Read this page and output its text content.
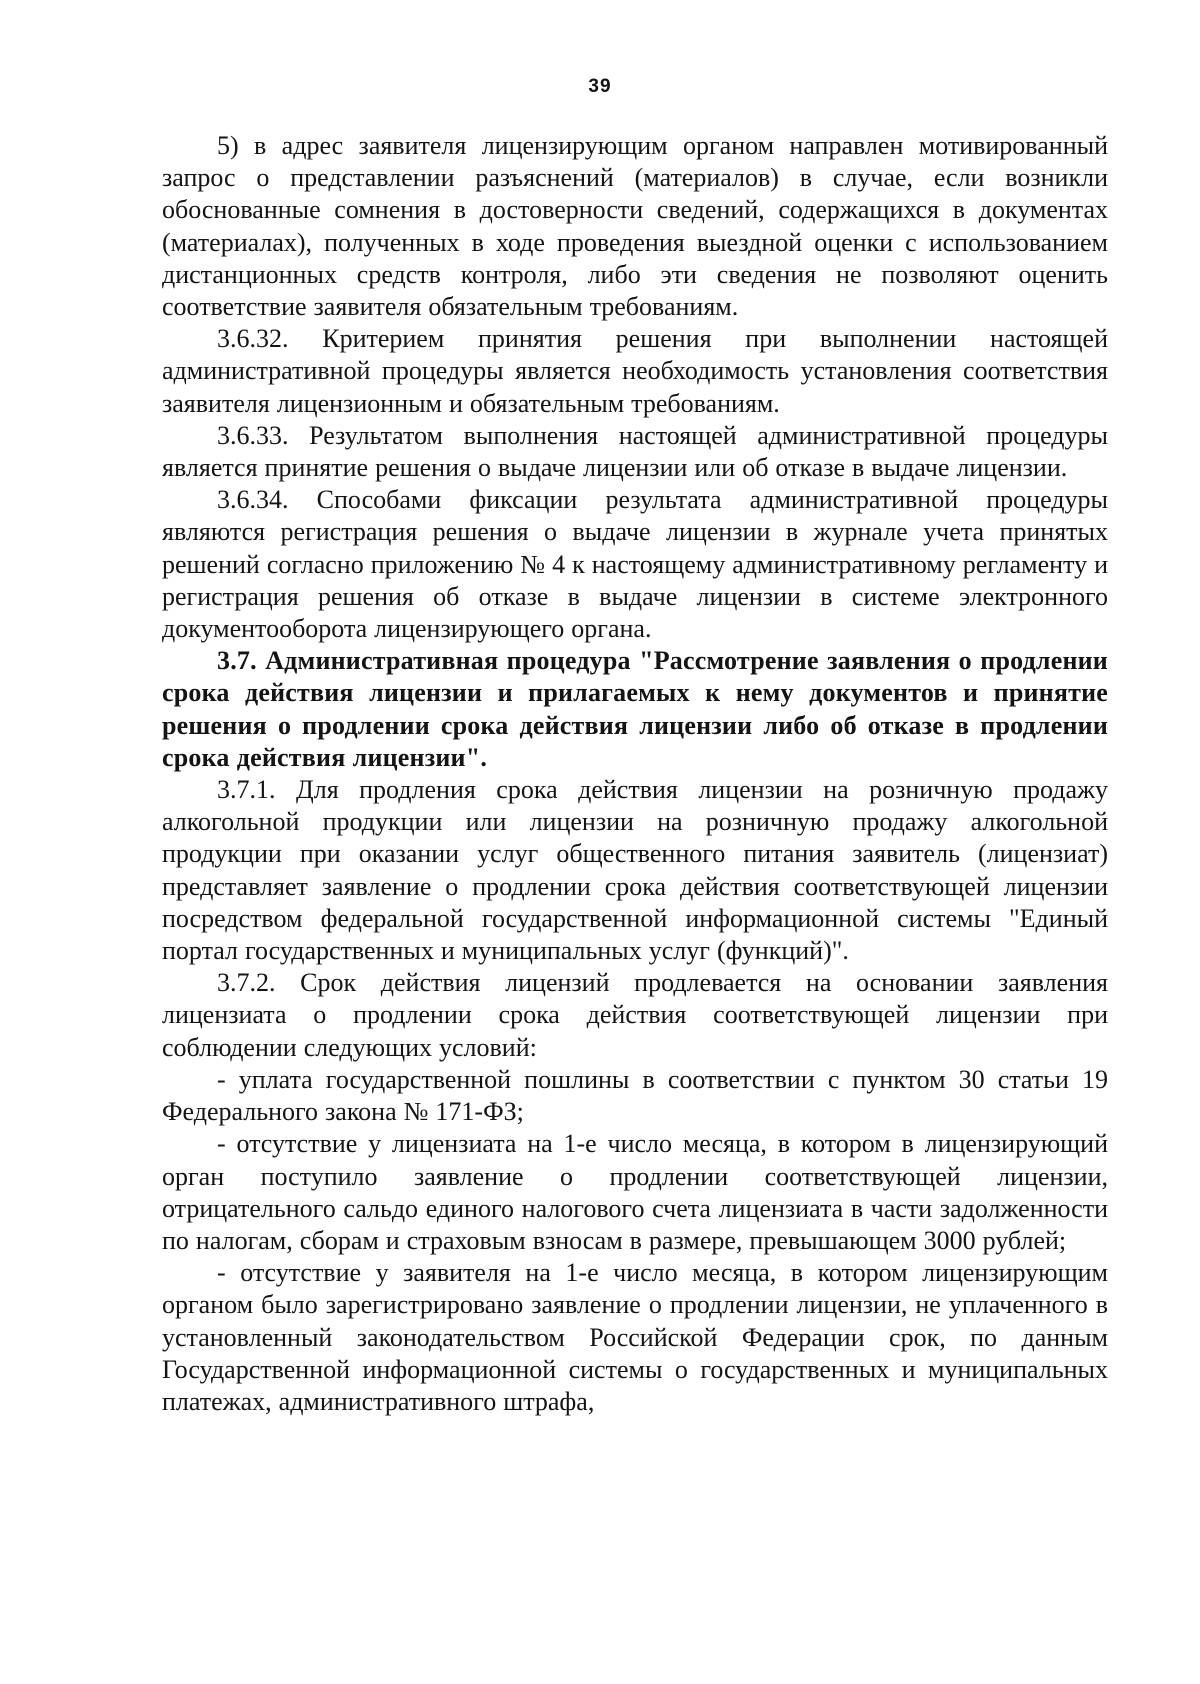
39

5) в адрес заявителя лицензирующим органом направлен мотивированный запрос о представлении разъяснений (материалов) в случае, если возникли обоснованные сомнения в достоверности сведений, содержащихся в документах (материалах), полученных в ходе проведения выездной оценки с использованием дистанционных средств контроля, либо эти сведения не позволяют оценить соответствие заявителя обязательным требованиям.

3.6.32. Критерием принятия решения при выполнении настоящей административной процедуры является необходимость установления соответствия заявителя лицензионным и обязательным требованиям.

3.6.33. Результатом выполнения настоящей административной процедуры является принятие решения о выдаче лицензии или об отказе в выдаче лицензии.

3.6.34. Способами фиксации результата административной процедуры являются регистрация решения о выдаче лицензии в журнале учета принятых решений согласно приложению № 4 к настоящему административному регламенту и регистрация решения об отказе в выдаче лицензии в системе электронного документооборота лицензирующего органа.

3.7. Административная процедура "Рассмотрение заявления о продлении срока действия лицензии и прилагаемых к нему документов и принятие решения о продлении срока действия лицензии либо об отказе в продлении срока действия лицензии".

3.7.1. Для продления срока действия лицензии на розничную продажу алкогольной продукции или лицензии на розничную продажу алкогольной продукции при оказании услуг общественного питания заявитель (лицензиат) представляет заявление о продлении срока действия соответствующей лицензии посредством федеральной государственной информационной системы "Единый портал государственных и муниципальных услуг (функций)".

3.7.2. Срок действия лицензий продлевается на основании заявления лицензиата о продлении срока действия соответствующей лицензии при соблюдении следующих условий:

- уплата государственной пошлины в соответствии с пунктом 30 статьи 19 Федерального закона № 171-ФЗ;

- отсутствие у лицензиата на 1-е число месяца, в котором в лицензирующий орган поступило заявление о продлении соответствующей лицензии, отрицательного сальдо единого налогового счета лицензиата в части задолженности по налогам, сборам и страховым взносам в размере, превышающем 3000 рублей;

- отсутствие у заявителя на 1-е число месяца, в котором лицензирующим органом было зарегистрировано заявление о продлении лицензии, не уплаченного в установленный законодательством Российской Федерации срок, по данным Государственной информационной системы о государственных и муниципальных платежах, административного штрафа,
